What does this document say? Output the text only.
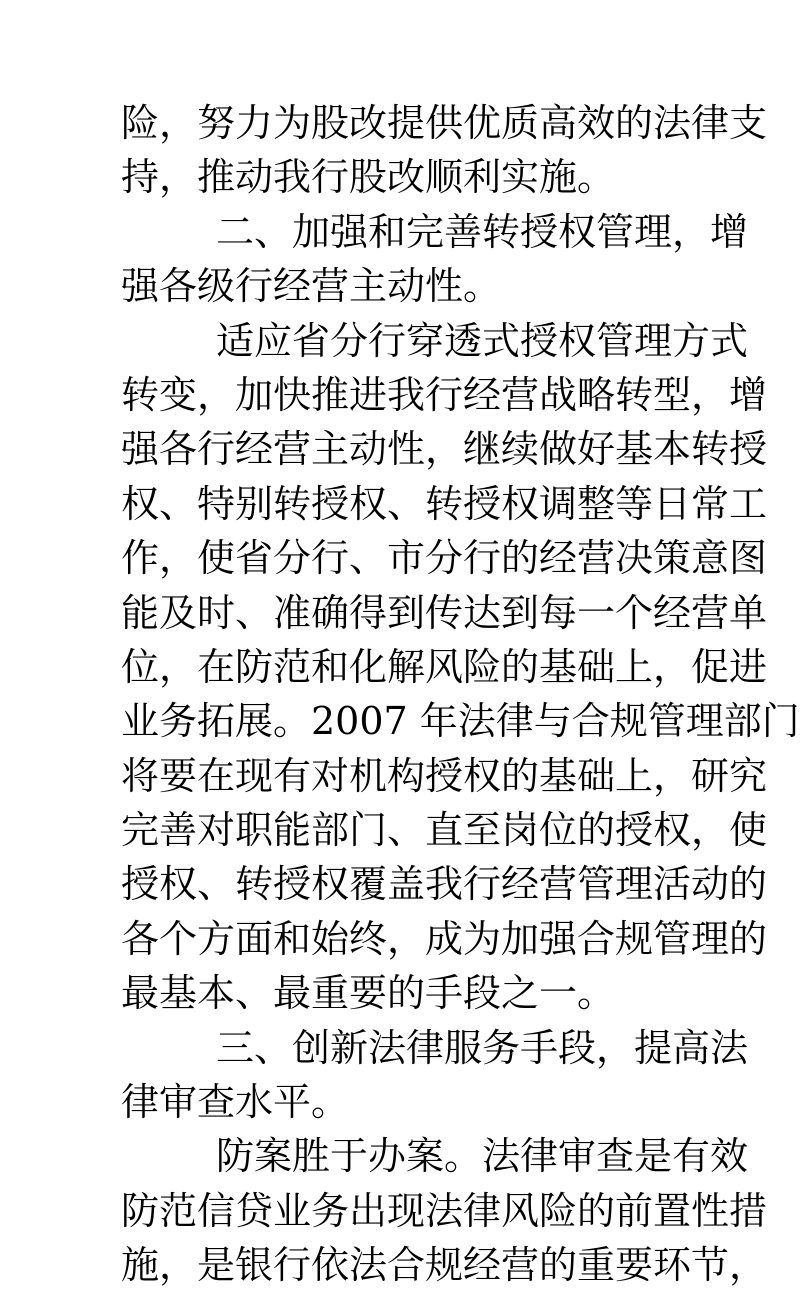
险，努力为股改提供优质高效的法律支
持，推动我行股改顺利实施。
二、加强和完善转授权管理，增
强各级行经营主动性。
适应省分行穿透式授权管理方式
转变，加快推进我行经营战略转型，增
强各行经营主动性，继续做好基本转授
权、特别转授权、转授权调整等日常工
作，使省分行、市分行的经营决策意图
能及时、准确得到传达到每一个经营单
位，在防范和化解风险的基础上，促进
业务拓展。2007 年法律与合规管理部门
将要在现有对机构授权的基础上，研究
完善对职能部门、直至岗位的授权，使
授权、转授权覆盖我行经营管理活动的
各个方面和始终，成为加强合规管理的
最基本、最重要的手段之一。
三、创新法律服务手段，提高法
律审查水平。
防案胜于办案。法律审查是有效
防范信贷业务出现法律风险的前置性措
施，是银行依法合规经营的重要环节，
